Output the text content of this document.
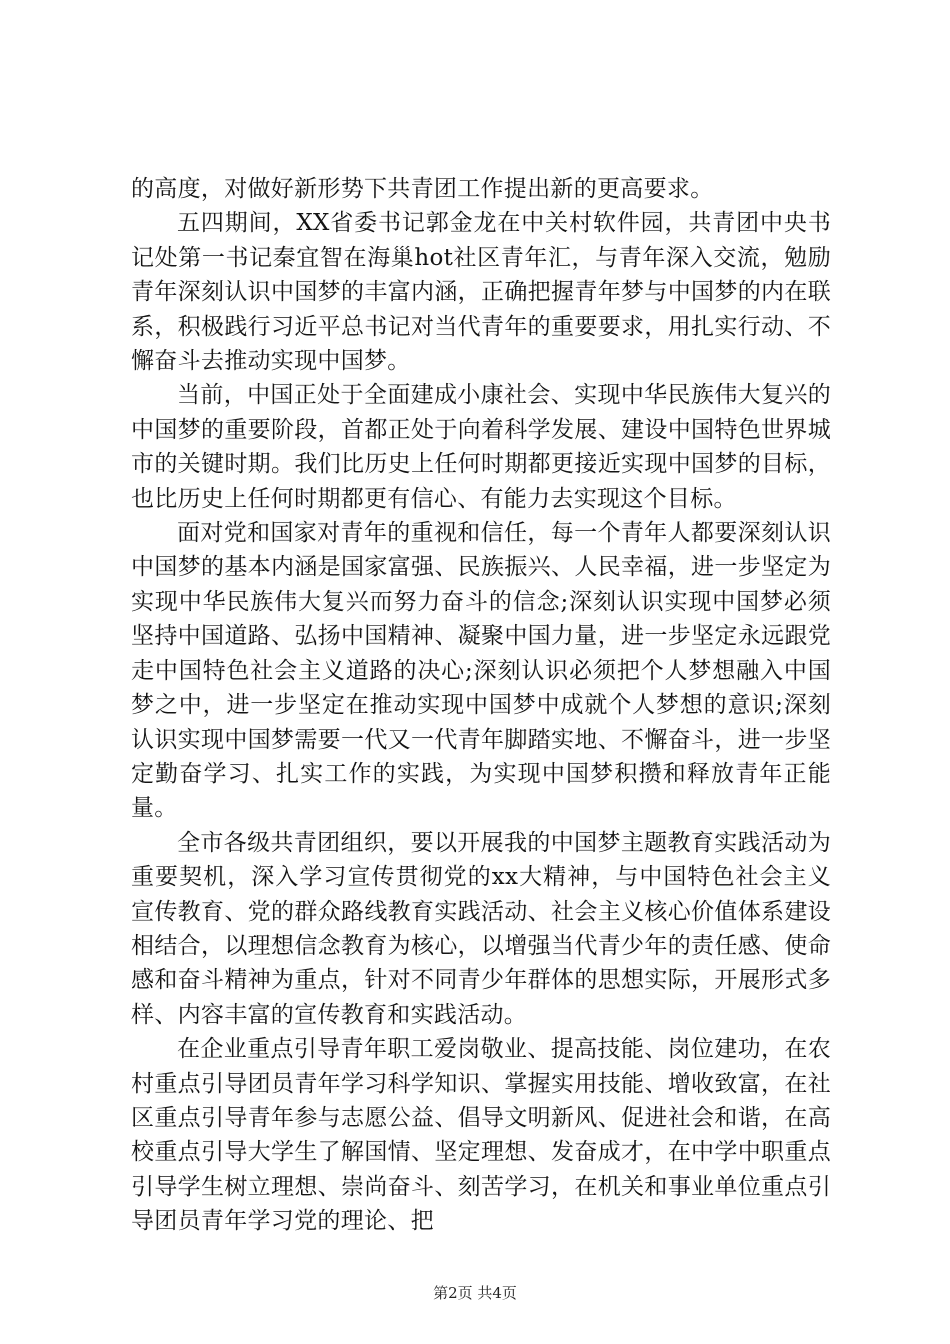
的高度，对做好新形势下共青团工作提出新的更高要求。

五四期间，XX省委书记郭金龙在中关村软件园，共青团中央书记处第一书记秦宜智在海巢hot社区青年汇，与青年深入交流，勉励青年深刻认识中国梦的丰富内涵，正确把握青年梦与中国梦的内在联系，积极践行习近平总书记对当代青年的重要要求，用扎实行动、不懈奋斗去推动实现中国梦。

当前，中国正处于全面建成小康社会、实现中华民族伟大复兴的中国梦的重要阶段，首都正处于向着科学发展、建设中国特色世界城市的关键时期。我们比历史上任何时期都更接近实现中国梦的目标，也比历史上任何时期都更有信心、有能力去实现这个目标。

面对党和国家对青年的重视和信任，每一个青年人都要深刻认识中国梦的基本内涵是国家富强、民族振兴、人民幸福，进一步坚定为实现中华民族伟大复兴而努力奋斗的信念;深刻认识实现中国梦必须坚持中国道路、弘扬中国精神、凝聚中国力量，进一步坚定永远跟党走中国特色社会主义道路的决心;深刻认识必须把个人梦想融入中国梦之中，进一步坚定在推动实现中国梦中成就个人梦想的意识;深刻认识实现中国梦需要一代又一代青年脚踏实地、不懈奋斗，进一步坚定勤奋学习、扎实工作的实践，为实现中国梦积攒和释放青年正能量。

全市各级共青团组织，要以开展我的中国梦主题教育实践活动为重要契机，深入学习宣传贯彻党的xx大精神，与中国特色社会主义宣传教育、党的群众路线教育实践活动、社会主义核心价值体系建设相结合，以理想信念教育为核心，以增强当代青少年的责任感、使命感和奋斗精神为重点，针对不同青少年群体的思想实际，开展形式多样、内容丰富的宣传教育和实践活动。

在企业重点引导青年职工爱岗敬业、提高技能、岗位建功，在农村重点引导团员青年学习科学知识、掌握实用技能、增收致富，在社区重点引导青年参与志愿公益、倡导文明新风、促进社会和谐，在高校重点引导大学生了解国情、坚定理想、发奋成才，在中学中职重点引导学生树立理想、崇尚奋斗、刻苦学习，在机关和事业单位重点引导团员青年学习党的理论、把

第2页 共4页
